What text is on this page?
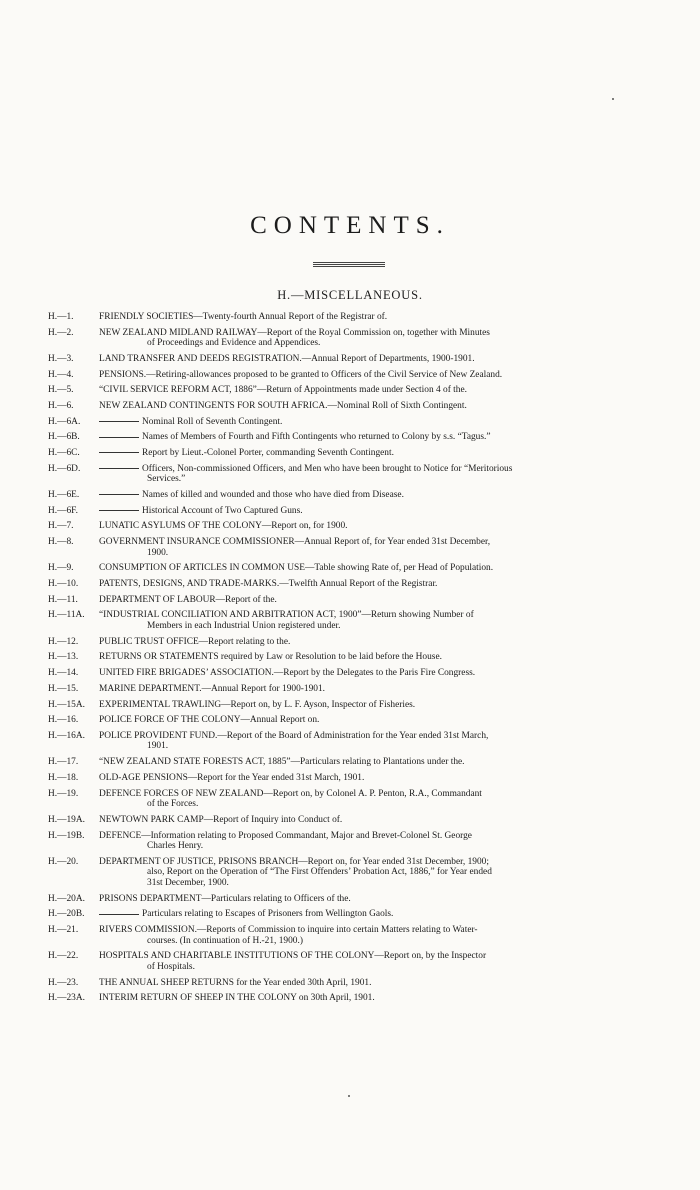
CONTENTS.
H.—MISCELLANEOUS.
H.—1.	FRIENDLY SOCIETIES—Twenty-fourth Annual Report of the Registrar of.
H.—2.	NEW ZEALAND MIDLAND RAILWAY—Report of the Royal Commission on, together with Minutes
of Proceedings and Evidence and Appendices.
H.—3.	LAND TRANSFER AND DEEDS REGISTRATION.—Annual Report of Departments, 1900-1901.
H.—4.	PENSIONS.—Retiring-allowances proposed to be granted to Officers of the Civil Service of New Zealand.
H.—5.	“CIVIL SERVICE REFORM ACT, 1886”—Return of Appointments made under Section 4 of the.
H.—6.	NEW ZEALAND CONTINGENTS FOR SOUTH AFRICA.—Nominal Roll of Sixth Contingent.
H.—6A.	Nominal Roll of Seventh Contingent.
H.—6B.	Names of Members of Fourth and Fifth Contingents who returned to Colony by s.s. “Tagus.”
H.—6C.	Report by Lieut.-Colonel Porter, commanding Seventh Contingent.
H.—6D.	Officers, Non-commissioned Officers, and Men who have been brought to Notice for “Meritorious
Services.”
H.—6E.	Names of killed and wounded and those who have died from Disease.
H.—6F.	Historical Account of Two Captured Guns.
H.—7.	LUNATIC ASYLUMS OF THE COLONY—Report on, for 1900.
H.—8.	GOVERNMENT INSURANCE COMMISSIONER—Annual Report of, for Year ended 31st December,
1900.
H.—9.	CONSUMPTION OF ARTICLES IN COMMON USE—Table showing Rate of, per Head of Population.
H.—10.	PATENTS, DESIGNS, AND TRADE-MARKS.—Twelfth Annual Report of the Registrar.
H.—11.	DEPARTMENT OF LABOUR—Report of the.
H.—11A.	“INDUSTRIAL CONCILIATION AND ARBITRATION ACT, 1900”—Return showing Number of
Members in each Industrial Union registered under.
H.—12.	PUBLIC TRUST OFFICE—Report relating to the.
H.—13.	RETURNS OR STATEMENTS required by Law or Resolution to be laid before the House.
H.—14.	UNITED FIRE BRIGADES’ ASSOCIATION.—Report by the Delegates to the Paris Fire Congress.
H.—15.	MARINE DEPARTMENT.—Annual Report for 1900-1901.
H.—15A.	EXPERIMENTAL TRAWLING—Report on, by L. F. Ayson, Inspector of Fisheries.
H.—16.	POLICE FORCE OF THE COLONY—Annual Report on.
H.—16A.	POLICE PROVIDENT FUND.—Report of the Board of Administration for the Year ended 31st March,
1901.
H.—17.	“NEW ZEALAND STATE FORESTS ACT, 1885”—Particulars relating to Plantations under the.
H.—18.	OLD-AGE PENSIONS—Report for the Year ended 31st March, 1901.
H.—19.	DEFENCE FORCES OF NEW ZEALAND—Report on, by Colonel A. P. Penton, R.A., Commandant
of the Forces.
H.—19A.	NEWTOWN PARK CAMP—Report of Inquiry into Conduct of.
H.—19B.	DEFENCE—Information relating to Proposed Commandant, Major and Brevet-Colonel St. George
Charles Henry.
H.—20.	DEPARTMENT OF JUSTICE, PRISONS BRANCH—Report on, for Year ended 31st December, 1900;
also, Report on the Operation of “The First Offenders’ Probation Act, 1886,” for Year ended
31st December, 1900.
H.—20A.	PRISONS DEPARTMENT—Particulars relating to Officers of the.
H.—20B.	Particulars relating to Escapes of Prisoners from Wellington Gaols.
H.—21.	RIVERS COMMISSION.—Reports of Commission to inquire into certain Matters relating to Water-
courses. (In continuation of H.-21, 1900.)
H.—22.	HOSPITALS AND CHARITABLE INSTITUTIONS OF THE COLONY—Report on, by the Inspector
of Hospitals.
H.—23.	THE ANNUAL SHEEP RETURNS for the Year ended 30th April, 1901.
H.—23A.	INTERIM RETURN OF SHEEP IN THE COLONY on 30th April, 1901.
